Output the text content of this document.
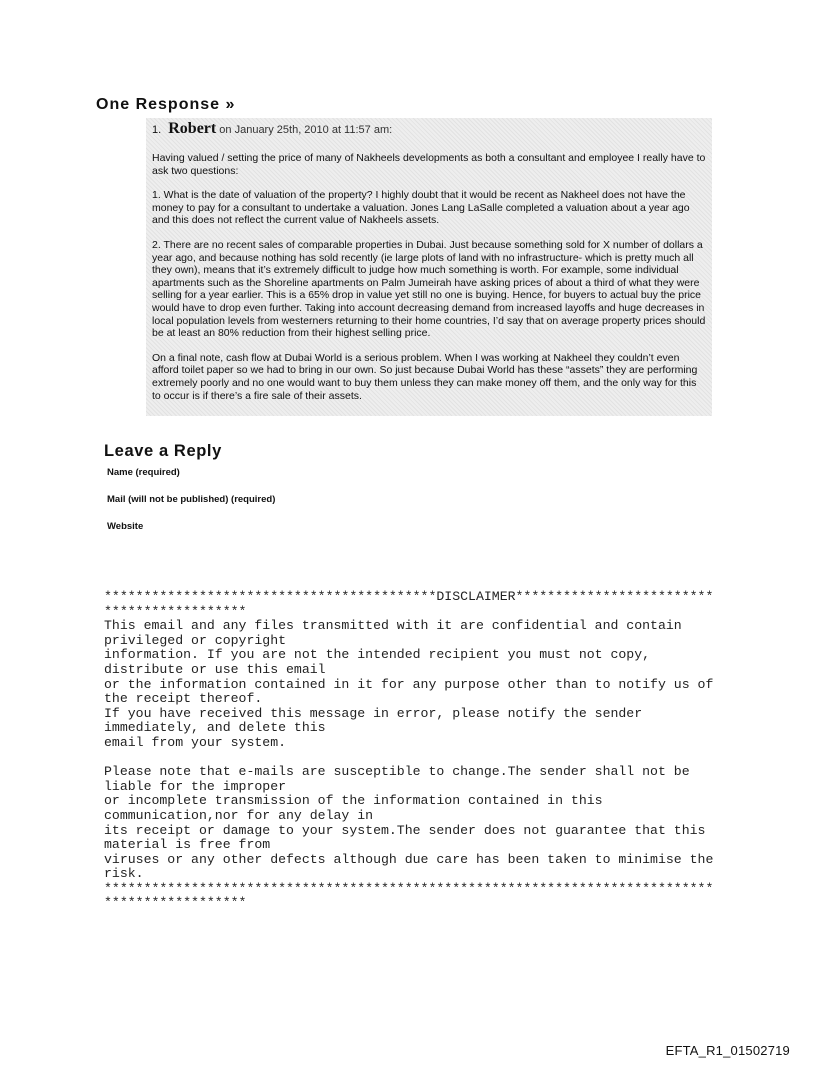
One Response »
1. Robert on January 25th, 2010 at 11:57 am:

Having valued / setting the price of many of Nakheels developments as both a consultant and employee I really have to ask two questions:

1. What is the date of valuation of the property? I highly doubt that it would be recent as Nakheel does not have the money to pay for a consultant to undertake a valuation. Jones Lang LaSalle completed a valuation about a year ago and this does not reflect the current value of Nakheels assets.

2. There are no recent sales of comparable properties in Dubai. Just because something sold for X number of dollars a year ago, and because nothing has sold recently (ie large plots of land with no infrastructure- which is pretty much all they own), means that it’s extremely difficult to judge how much something is worth. For example, some individual apartments such as the Shoreline apartments on Palm Jumeirah have asking prices of about a third of what they were selling for a year earlier. This is a 65% drop in value yet still no one is buying. Hence, for buyers to actual buy the price would have to drop even further. Taking into account decreasing demand from increased layoffs and huge decreases in local population levels from westerners returning to their home countries, I’d say that on average property prices should be at least an 80% reduction from their highest selling price.

On a final note, cash flow at Dubai World is a serious problem. When I was working at Nakheel they couldn’t even afford toilet paper so we had to bring in our own. So just because Dubai World has these “assets” they are performing extremely poorly and no one would want to buy them unless they can make money off them, and the only way for this to occur is if there’s a fire sale of their assets.

Leave a Reply
Name (required)
Mail (will not be published) (required)
Website
******************************************DISCLAIMER*************************
******************
This email and any files transmitted with it are confidential and contain
privileged or copyright
information. If you are not the intended recipient you must not copy,
distribute or use this email
or the information contained in it for any purpose other than to notify us of
the receipt thereof.
If you have received this message in error, please notify the sender
immediately, and delete this
email from your system.

Please note that e-mails are susceptible to change.The sender shall not be
liable for the improper
or incomplete transmission of the information contained in this
communication,nor for any delay in
its receipt or damage to your system.The sender does not guarantee that this
material is free from
viruses or any other defects although due care has been taken to minimise the
risk.
*****************************************************************************
******************
EFTA_R1_01502719
